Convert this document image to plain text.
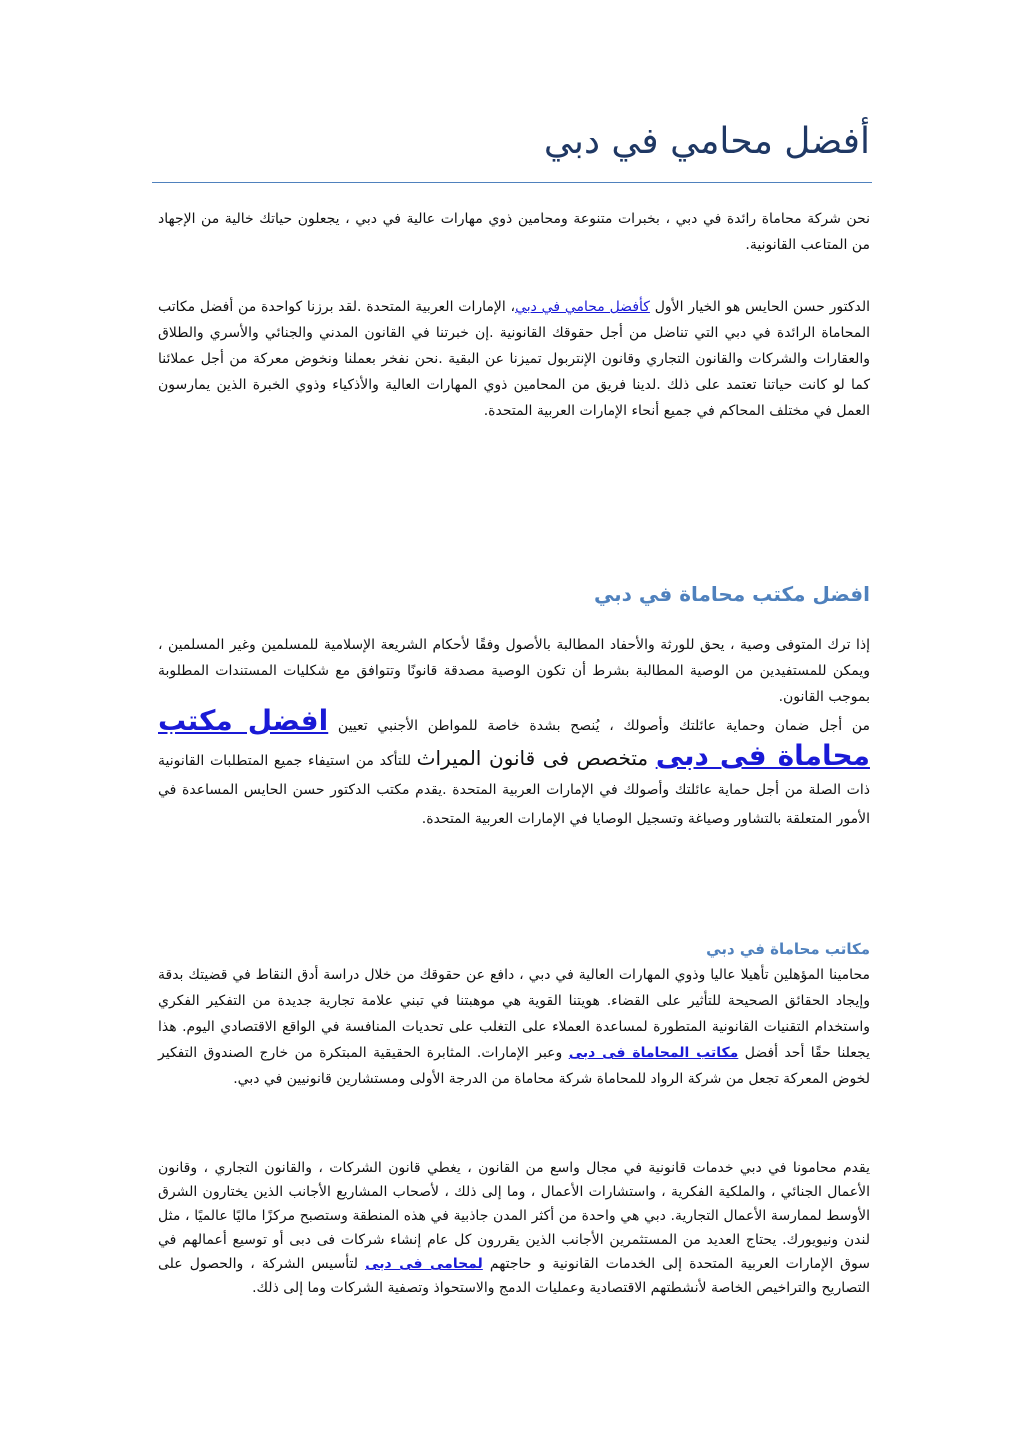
أفضل محامي في دبي

نحن شركة محاماة رائدة في دبي ، بخبرات متنوعة ومحامين ذوي مهارات عالية في دبي ، يجعلون حياتك خالية من الإجهاد من المتاعب القانونية.

الدكتور حسن الحايس هو الخيار الأول كأفضل محامي في دبي، الإمارات العربية المتحدة .لقد برزنا كواحدة من أفضل مكاتب المحاماة الرائدة في دبي التي تناضل من أجل حقوقك القانونية .إن خبرتنا في القانون المدني والجنائي والأسري والطلاق والعقارات والشركات والقانون التجاري وقانون الإنتربول تميزنا عن البقية .نحن نفخر بعملنا ونخوض معركة من أجل عملائنا كما لو كانت حياتنا تعتمد على ذلك .لدينا فريق من المحامين ذوي المهارات العالية والأذكياء وذوي الخبرة الذين يمارسون العمل في مختلف المحاكم في جميع أنحاء الإمارات العربية المتحدة.

افضل مكتب محاماة في دبي

إذا ترك المتوفى وصية ، يحق للورثة والأحفاد المطالبة بالأصول وفقًا لأحكام الشريعة الإسلامية للمسلمين وغير المسلمين ، ويمكن للمستفيدين من الوصية المطالبة بشرط أن تكون الوصية مصدقة قانونًا وتتوافق مع شكليات المستندات المطلوبة بموجب القانون.

من أجل ضمان وحماية عائلتك وأصولك ، يُنصح بشدة خاصة للمواطن الأجنبي تعيين افضل مكتب محاماة فى دبى متخصص فى قانون الميراث للتأكد من استيفاء جميع المتطلبات القانونية ذات الصلة من أجل حماية عائلتك وأصولك في الإمارات العربية المتحدة .يقدم مكتب الدكتور حسن الحايس المساعدة في الأمور المتعلقة بالتشاور وصياغة وتسجيل الوصايا في الإمارات العربية المتحدة.

مكاتب محاماة في دبي

محامينا المؤهلين تأهيلا عاليا وذوي المهارات العالية في دبي ، دافع عن حقوقك من خلال دراسة أدق النقاط في قضيتك بدقة وإيجاد الحقائق الصحيحة للتأثير على القضاء. هويتنا القوية هي موهبتنا في تبني علامة تجارية جديدة من التفكير الفكري واستخدام التقنيات القانونية المتطورة لمساعدة العملاء على التغلب على تحديات المنافسة في الواقع الاقتصادي اليوم. هذا يجعلنا حقًا أحد أفضل مكاتب المحاماة فى دبى وعبر الإمارات. المثابرة الحقيقية المبتكرة من خارج الصندوق التفكير لخوض المعركة تجعل من شركة الرواد للمحاماة شركة محاماة من الدرجة الأولى ومستشارين قانونيين في دبي.

يقدم محامونا في دبي خدمات قانونية في مجال واسع من القانون ، يغطي قانون الشركات ، والقانون التجاري ، وقانون الأعمال الجنائي ، والملكية الفكرية ، واستشارات الأعمال ، وما إلى ذلك ، لأصحاب المشاريع الأجانب الذين يختارون الشرق الأوسط لممارسة الأعمال التجارية. دبي هي واحدة من أكثر المدن جاذبية في هذه المنطقة وستصبح مركزًا ماليًا عالميًا ، مثل لندن ونيويورك. يحتاج العديد من المستثمرين الأجانب الذين يقررون كل عام إنشاء شركات فى دبى أو توسيع أعمالهم في سوق الإمارات العربية المتحدة إلى الخدمات القانونية و حاجتهم لمحامى فى دبى لتأسيس الشركة ، والحصول على التصاريح والتراخيص الخاصة لأنشطتهم الاقتصادية وعمليات الدمج والاستحواذ وتصفية الشركات وما إلى ذلك.
